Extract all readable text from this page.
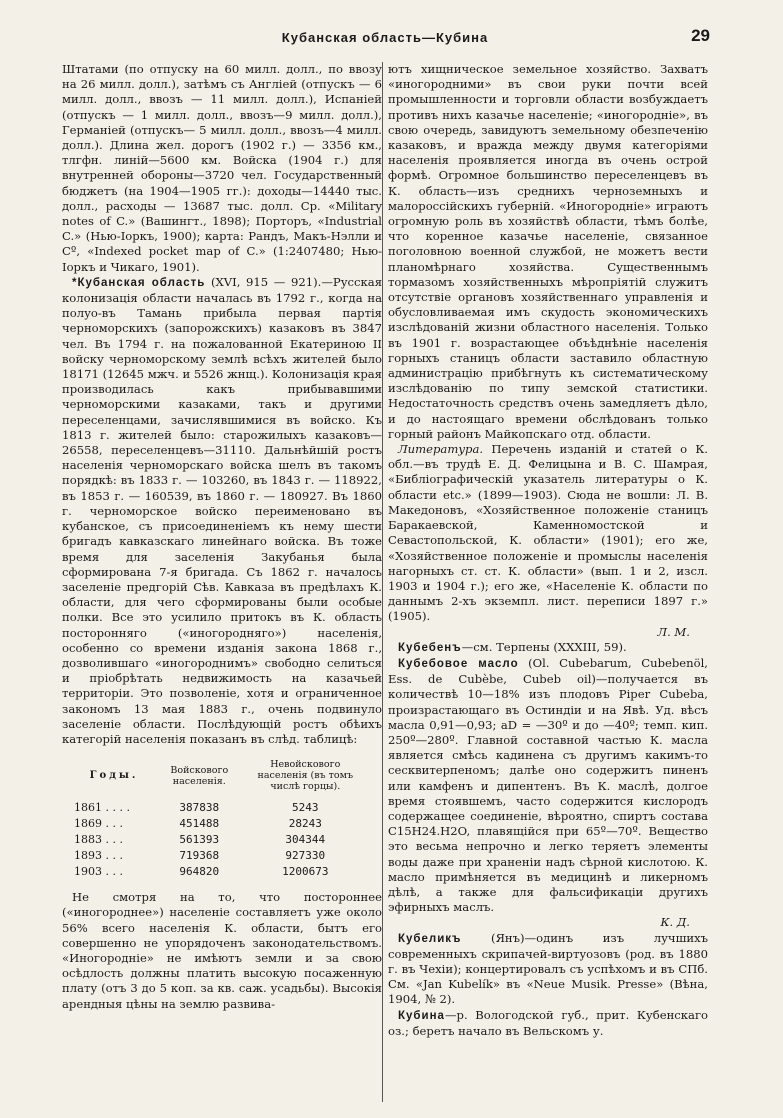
Кубанская область—Кубина	29

Штатами (по отпуску на 60 милл. долл., по ввозу на 26 милл. долл.), затѣмъ съ Англiей (отпускъ — 6 милл. долл., ввозъ — 11 милл. долл.), Испанiей (отпускъ — 1 милл. долл., ввозъ—9 милл. долл.), Германiей (отпускъ— 5 милл. долл., ввозъ—4 милл. долл.). Длина жел. дорогъ (1902 г.) — 3356 км., тлгфн. линiй—5600 км. Войска (1904 г.) для внутренней обороны—3720 чел. Государственный бюджетъ (на 1904—1905 гг.): доходы—14440 тыс. долл., расходы — 13687 тыс. долл. Ср. «Military notes of C.» (Вашингт., 1898); Порторъ, «Industrial C.» (Нью-Iоркъ, 1900); карта: Рандъ, Макъ-Нэлли и Сº, «Indexed pocket map of C.» (1:2407480; Нью-Iоркъ и Чикаго, 1901).

*Кубанская область (XVI, 915 — 921).—Русская колонизацiя области началась въ 1792 г., когда на полуо-въ Тамань прибыла первая партiя черноморскихъ (запорожскихъ) казаковъ въ 3847 чел. Въ 1794 г. на пожалованной Екатериною II войску черноморскому землѣ всѣхъ жителей было 18171 (12645 мжч. и 5526 жнщ.). Колонизацiя края производилась какъ прибывавшими черноморскими казаками, такъ и другими переселенцами, зачислявшимися въ войско. Къ 1813 г. жителей было: старожилыхъ казаковъ—26558, переселенцевъ—31110. Дальнѣйшiй ростъ населенiя черноморскаго войска шелъ въ такомъ порядкѣ: въ 1833 г. — 103260, въ 1843 г. — 118922, въ 1853 г. — 160539, въ 1860 г. — 180927. Въ 1860 г. черноморское войско переименовано въ кубанское, съ присоединенiемъ къ нему шести бригадъ кавказскаго линейнаго войска. Въ тоже время для заселенiя Закубанья была сформирована 7-я бригада. Съ 1862 г. началось заселенiе предгорiй Сѣв. Кавказа въ предѣлахъ К. области, для чего сформированы были особые полки. Все это усилило притокъ въ К. область посторонняго («иногородняго») населенiя, особенно со времени изданiя закона 1868 г., дозволившаго «иногороднимъ» свободно селиться и прiобрѣтать недвижимость на казачьей территорiи. Это позволенiе, хотя и ограниченное закономъ 13 мая 1883 г., очень подвинуло заселенiе области. Послѣдующiй ростъ обѣихъ категорiй населенiя показанъ въ слѣд. таблицѣ:

Годы.	Войскового населенiя.	Невойскового населенiя (въ томъ числѣ горцы).
1861 . . . .	387838	5243
1869 . . .	451488	28243
1883 . . .	561393	304344
1893 . . .	719368	927330
1903 . . .	964820	1200673

Не смотря на то, что постороннее («иногороднее») населенiе составляетъ уже около 56% всего населенiя К. области, бытъ его совершенно не упорядоченъ законодательствомъ. «Иногороднiе» не имѣютъ земли и за свою осѣдлость должны платить высокую посаженную плату (отъ 3 до 5 коп. за кв. саж. усадьбы). Высокiя арендныя цѣны на землю развива-

ютъ хищническое земельное хозяйство. Захватъ «иногородними» въ свои руки почти всей промышленности и торговли области возбуждаетъ противъ нихъ казачье населенiе; «иногороднiе», въ свою очередь, завидуютъ земельному обезпеченiю казаковъ, и вражда между двумя категорiями населенiя проявляется иногда въ очень острой формѣ. Огромное большинство переселенцевъ въ К. область—изъ среднихъ черноземныхъ и малороссiйскихъ губернiй. «Иногороднiе» играютъ огромную роль въ хозяйствѣ области, тѣмъ болѣе, что коренное казачье населенiе, связанное поголовною военной службой, не можетъ вести планомѣрнаго хозяйства. Существеннымъ тормазомъ хозяйственныхъ мѣропрiятiй служитъ отсутствiе органовъ хозяйственнаго управленiя и обусловливаемая имъ скудость экономическихъ изслѣдованiй жизни областного населенiя. Только въ 1901 г. возрастающее объѣднѣнiе населенiя горныхъ станицъ области заставило областную администрацiю прибѣгнуть къ систематическому изслѣдованiю по типу земской статистики. Недостаточность средствъ очень замедляетъ дѣло, и до настоящаго времени обслѣдованъ только горный районъ Майкопскаго отд. области.

Литература. Перечень изданiй и статей о К. обл.—въ трудѣ Е. Д. Фелицына и В. С. Шамрая, «Библiографическiй указатель литературы о К. области etc.» (1899—1903). Сюда не вошли: Л. В. Македоновъ, «Хозяйственное положенiе станицъ Баракаевской, Каменномостской и Севастопольской, К. области» (1901); его же, «Хозяйственное положенiе и промыслы населенiя нагорныхъ ст. ст. К. области» (вып. 1 и 2, изсл. 1903 и 1904 г.); его же, «Населенiе К. области по даннымъ 2-хъ экземпл. лист. переписи 1897 г.» (1905).

Л. М.

Кубебенъ—см. Терпены (XXXIII, 59).

Кубебовое масло (Ol. Cubebarum, Cubebenöl, Ess. de Cubèbe, Cubeb oil)—получается въ количествѣ 10—18% изъ плодовъ Piper Cubeba, произрастающаго въ Остиндiи и на Явѣ. Уд. вѣсъ масла 0,91—0,93; aD = —30º и до —40º; темп. кип. 250º—280º. Главной составной частью К. масла является смѣсь кадинена съ другимъ какимъ-то сесквитерпеномъ; далѣе оно содержитъ пиненъ или камфенъ и дипентенъ. Въ К. маслѣ, долгое время стоявшемъ, часто содержится кислородъ содержащее соединенiе, вѣроятно, спиртъ состава C15H24.H2O, плавящiйся при 65º—70º. Вещество это весьма непрочно и легко теряетъ элементы воды даже при храненiи надъ сѣрной кислотою. К. масло примѣняется въ медицинѣ и ликерномъ дѣлѣ, а также для фальсификацiи другихъ эфирныхъ маслъ.

К. Д.

Кубеликъ (Янъ)—одинъ изъ лучшихъ современныхъ скрипачей-виртуозовъ (род. въ 1880 г. въ Чехiи); концертировалъ съ успѣхомъ и въ СПб. См. «Jan Kubelík» въ «Neue Musik. Presse» (Вѣна, 1904, № 2).

Кубина—р. Вологодской губ., прит. Кубенскаго оз.; беретъ начало въ Вельскомъ у.
